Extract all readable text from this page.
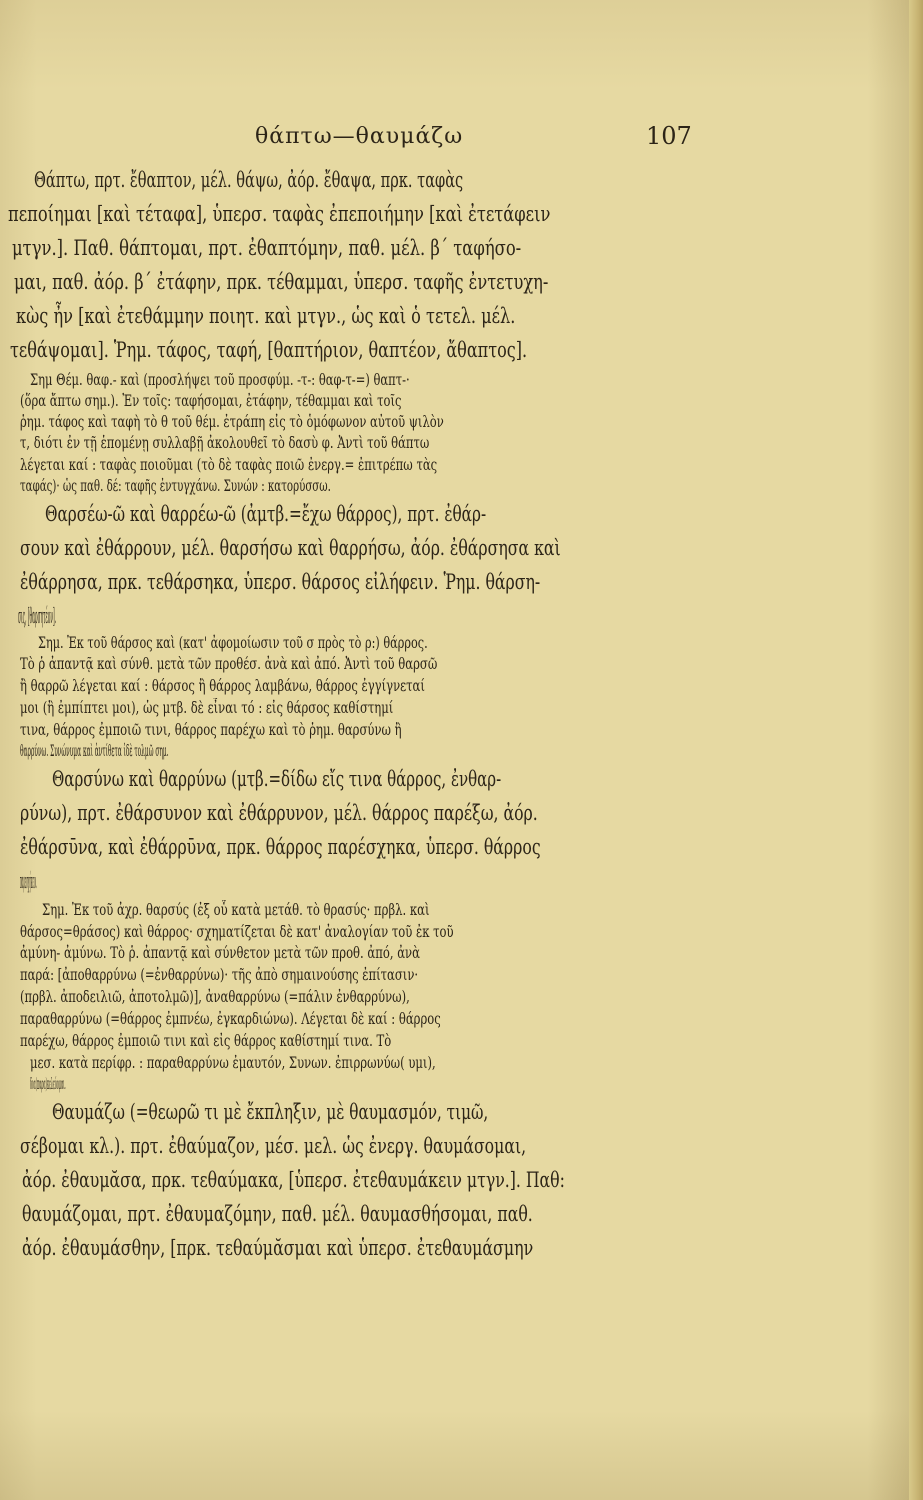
θάπτω—θαυμάζω	107
Θάπτω, πρτ. ἔθαπτον, μέλ. θάψω, ἀόρ. ἔθαψα, πρκ. ταφὰς
πεποίημαι [καὶ τέταφα], ὑπερσ. ταφὰς ἐπεποιήμην [καὶ ἐτετάφειν
μτγν.]. Παθ. θάπτομαι, πρτ. ἐθαπτόμην, παθ. μέλ. β΄ ταφήσο-
μαι, παθ. ἀόρ. β΄ ἐτάφην, πρκ. τέθαμμαι, ὑπερσ. ταφῆς ἐντετυχη-
κὼς ἦν [καὶ ἐτεθάμμην ποιητ. καὶ μτγν., ὡς καὶ ὁ τετελ. μέλ.
τεθάψομαι]. Ῥημ. τάφος, ταφή, [θαπτήριον, θαπτέον, ἄθαπτος].
Σημ Θέμ. θαφ.- καὶ (προσλήψει τοῦ προσφύμ. -τ-: θαφ-τ-=) θαπτ-·
(ὅρα ἄπτω σημ.). Ἐν τοῖς: ταφήσομαι, ἐτάφην, τέθαμμαι καὶ τοῖς
ῥημ. τάφος καὶ ταφὴ τὸ θ τοῦ θέμ. ἐτράπη εἰς τὸ ὁμόφωνον αὐτοῦ ψιλὸν
τ, διότι ἐν τῇ ἑπομένῃ συλλαβῇ ἀκολουθεῖ τὸ δασὺ φ. Ἀντὶ τοῦ θάπτω
λέγεται καί : ταφὰς ποιοῦμαι (τὸ δὲ ταφὰς ποιῶ ἐνεργ.= ἐπιτρέπω τὰς
ταφάς)· ὡς παθ. δέ: ταφῆς ἐντυγχάνω. Συνών : κατορύσσω.
Θαρσέω-ῶ καὶ θαρρέω-ῶ (ἀμτβ.=ἔχω θάρρος), πρτ. ἐθάρ-
σουν καὶ ἐθάρρουν, μέλ. θαρσήσω καὶ θαρρήσω, ἀόρ. ἐθάρσησα καὶ
ἐθάρρησα, πρκ. τεθάρσηκα, ὑπερσ. θάρσος εἰλήφειν. Ῥημ. θάρση-
σις, [θαρσητέον].
Σημ. Ἐκ τοῦ θάρσος καὶ (κατ' ἀφομοίωσιν τοῦ σ πρὸς τὸ ρ:) θάρρος.
Τὸ ῥ ἀπαντᾷ καὶ σύνθ. μετὰ τῶν προθέσ. ἀνὰ καὶ ἀπό. Ἀντὶ τοῦ θαρσῶ
ἢ θαρρῶ λέγεται καί : θάρσος ἢ θάρρος λαμβάνω, θάρρος ἐγγίγνεταί
μοι (ἢ ἐμπίπτει μοι), ὡς μτβ. δὲ εἶναι τό : εἰς θάρσος καθίστημί
τινα, θάρρος ἐμποιῶ τινι, θάρρος παρέχω καὶ τὸ ῥημ. θαρσύνω ἢ
θαρρύνω. Συνώνυμα καὶ ἀντίθετα ἰδὲ τολμῶ σημ.
Θαρσύνω καὶ θαρρύνω (μτβ.=δίδω εἴς τινα θάρρος, ἐνθαρ-
ρύνω), πρτ. ἐθάρσυνον καὶ ἐθάρρυνον, μέλ. θάρρος παρέξω, ἀόρ.
ἐθάρσῡνα, καὶ ἐθάρρῡνα, πρκ. θάρρος παρέσχηκα, ὑπερσ. θάρρος
παρεσχήκειν.
Σημ. Ἐκ τοῦ ἀχρ. θαρσύς (ἐξ οὗ κατὰ μετάθ. τὸ θρασύς· πρβλ. καὶ
θάρσος=θράσος) καὶ θάρρος· σχηματίζεται δὲ κατ' ἀναλογίαν τοῦ ἐκ τοῦ
ἀμύνη- ἀμύνω. Τὸ ῥ. ἀπαντᾷ καὶ σύνθετον μετὰ τῶν προθ. ἀπό, ἀνὰ
παρά: [ἀποθαρρύνω (=ἐνθαρρύνω)· τῆς ἀπὸ σημαινούσης ἐπίτασιν·
(πρβλ. ἀποδειλιῶ, ἀποτολμῶ)], ἀναθαρρύνω (=πάλιν ἐνθαρρύνω),
παραθαρρύνω (=θάρρος ἐμπνέω, ἐγκαρδιώνω). Λέγεται δὲ καί : θάρρος
παρέχω, θάρρος ἐμποιῶ τινι καὶ εἰς θάρρος καθίστημί τινα. Τὸ
μεσ. κατὰ περίφρ. : παραθαρρύνω ἐμαυτόν, Συνων. ἐπιρρωνύω( υμι),
δια(παρα)κελεύομαι.
Θαυμάζω (=θεωρῶ τι μὲ ἔκπληξιν, μὲ θαυμασμόν, τιμῶ,
σέβομαι κλ.). πρτ. ἐθαύμαζον, μέσ. μελ. ὡς ἐνεργ. θαυμάσομαι,
ἀόρ. ἐθαυμᾰσα, πρκ. τεθαύμακα, [ὑπερσ. ἐτεθαυμάκειν μτγν.]. Παθ:
θαυμάζομαι, πρτ. ἐθαυμαζόμην, παθ. μέλ. θαυμασθήσομαι, παθ.
ἀόρ. ἐθαυμάσθην, [πρκ. τεθαύμᾰσμαι καὶ ὑπερσ. ἐτεθαυμάσμην
